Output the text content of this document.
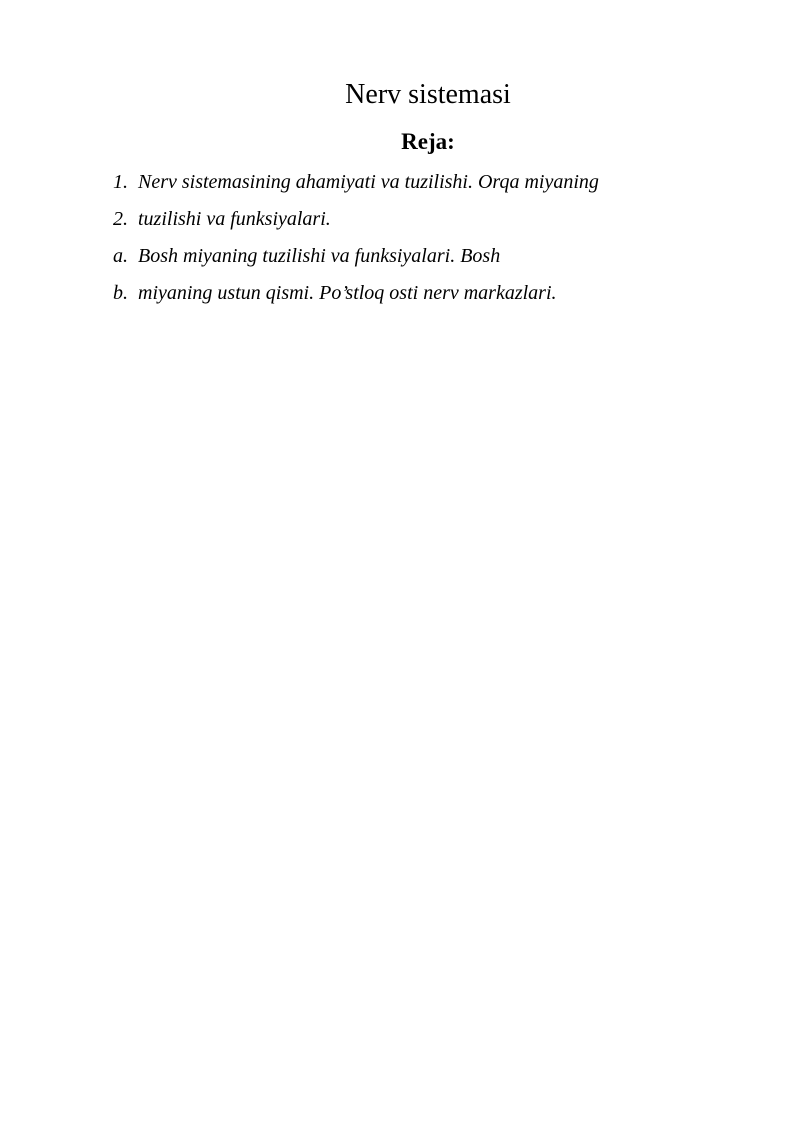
Nerv sistemasi
Reja:
1. Nerv sistemasining ahamiyati va tuzilishi. Orqa miyaning
2. tuzilishi va funksiyalari.
a. Bosh miyaning tuzilishi va funksiyalari. Bosh
b. miyaning ustun qismi. Po’stloq osti nerv markazlari.
